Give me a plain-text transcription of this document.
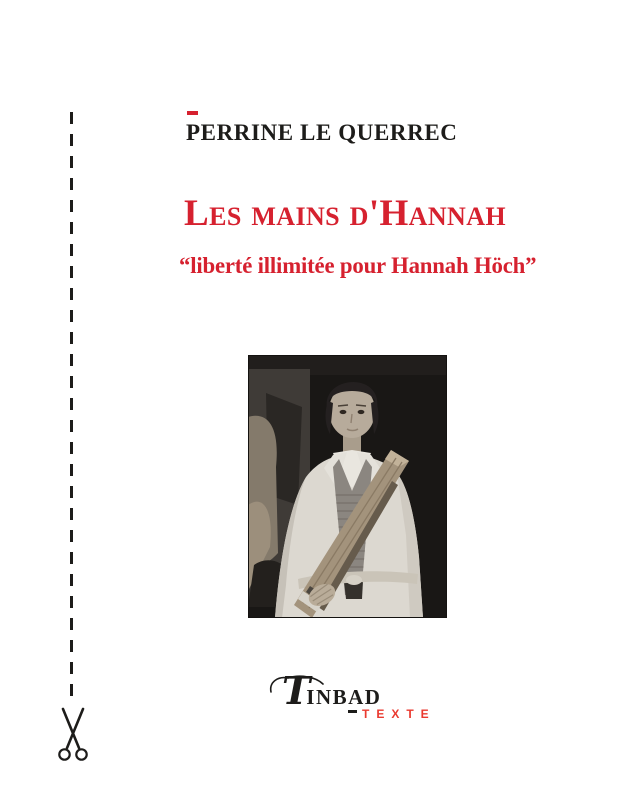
PERRINE LE QUERREC
Les mains d'Hannah
“liberté illimitée pour Hannah Höch”
T
INBAD
TEXTE
